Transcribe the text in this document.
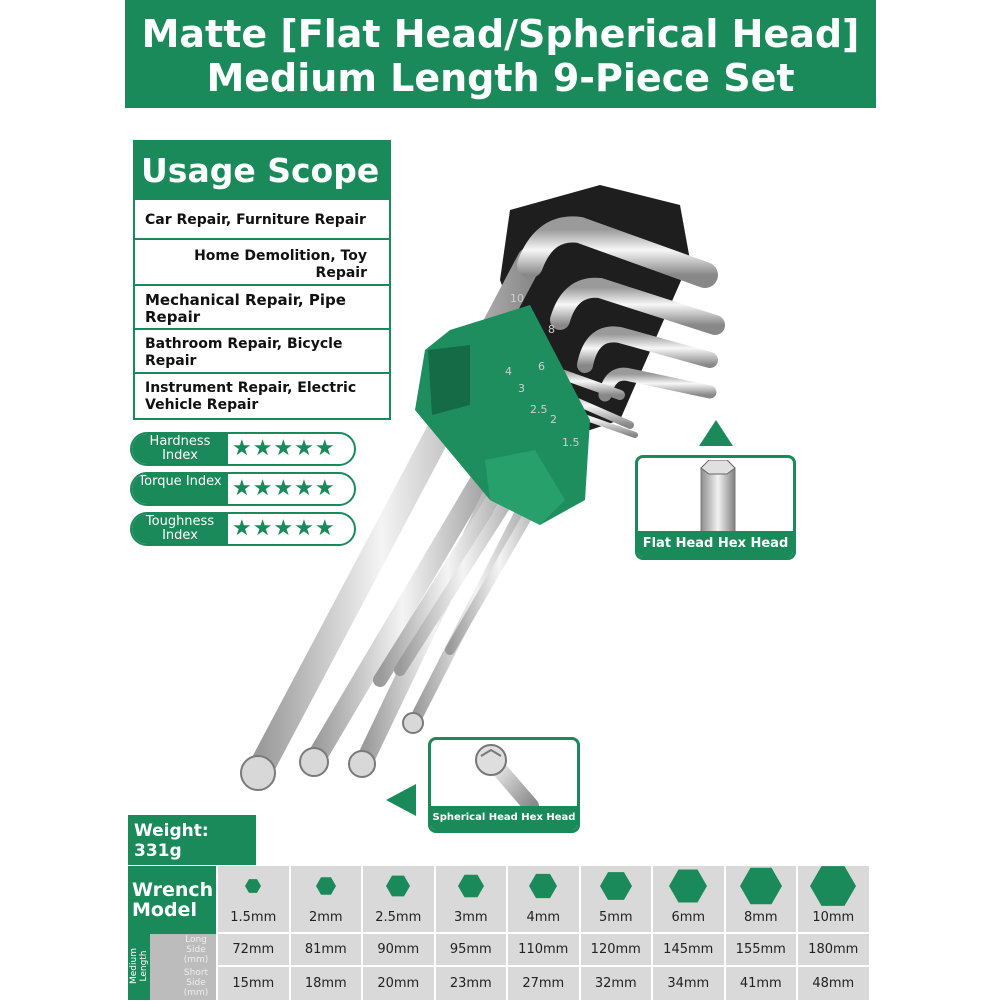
Matte [Flat Head/Spherical Head]
Medium Length 9-Piece Set
Usage Scope
Car Repair, Furniture Repair
Home Demolition, Toy Repair
Mechanical Repair, Pipe Repair
Bathroom Repair, Bicycle Repair
Instrument Repair, Electric Vehicle Repair
Hardness Index	★★★★★
Torque Index ★★★★★
Toughness Index	★★★★★
10
8
6
4
3
2.5
2
1.5
Flat Head Hex Head
Spherical Head Hex Head
Weight:
331g
Wrench Model
Medium Length
Long Side (mm)
Short Side (mm)
1.5mm
72mm
15mm
2mm
81mm
18mm
2.5mm
90mm
20mm
3mm
95mm
23mm
4mm
110mm
27mm
5mm
120mm
32mm
6mm
145mm
34mm
8mm
155mm
41mm
10mm
180mm
48mm
